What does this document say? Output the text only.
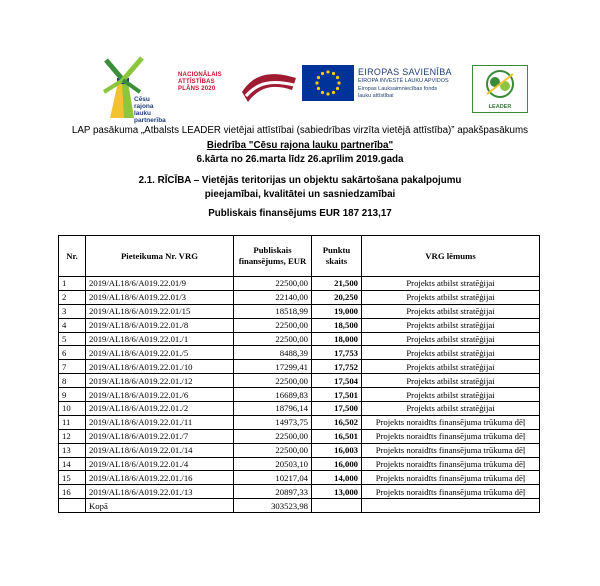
Cēsu
rajona lauku
partnerība
NACIONĀLAIS
ATTĪSTĪBAS
PLĀNS 2020
EIROPAS SAVIENĪBA
EIROPA INVESTĒ LAUKU APVIDOS
Eiropas Lauksaimniecības fonds
lauku attīstībai
LEADER
LAP pasākuma „Atbalsts LEADER vietējai attīstībai (sabiedrības virzīta vietējā attīstība)” apakšpasākums
Biedrība "Cēsu rajona lauku partnerība"
6.kārta no 26.marta līdz 26.aprīlim 2019.gada
2.1. RĪCĪBA – Vietējās teritorijas un objektu sakārtošana pakalpojumu
pieejamībai, kvalitātei un sasniedzamībai
Publiskais finansējums EUR 187 213,17
Nr.	Pieteikuma Nr. VRG	Publiskais finansējums, EUR	Punktu skaits	VRG lēmums
1	2019/AL18/6/A019.22.01/9	22500,00	21,500	Projekts atbilst stratēģijai
2	2019/AL18/6/A019.22.01/3	22140,00	20,250	Projekts atbilst stratēģijai
3	2019/AL18/6/A019.22.01/15	18518,99	19,000	Projekts atbilst stratēģijai
4	2019/AL18/6/A019.22.01./8	22500,00	18,500	Projekts atbilst stratēģijai
5	2019/AL18/6/A019.22.01./1	22500,00	18,000	Projekts atbilst stratēģijai
6	2019/AL18/6/A019.22.01./5	8488,39	17,753	Projekts atbilst stratēģijai
7	2019/AL18/6/A019.22.01./10	17299,41	17,752	Projekts atbilst stratēģijai
8	2019/AL18/6/A019.22.01./12	22500,00	17,504	Projekts atbilst stratēģijai
9	2019/AL18/6/A019.22.01./6	16689,83	17,501	Projekts atbilst stratēģijai
10	2019/AL18/6/A019.22.01./2	18796,14	17,500	Projekts atbilst stratēģijai
11	2019/AL18/6/A019.22.01./11	14973,75	16,502	Projekts noraidīts finansējuma trūkuma dēļ
12	2019/AL18/6/A019.22.01./7	22500,00	16,501	Projekts noraidīts finansējuma trūkuma dēļ
13	2019/AL18/6/A019.22.01./14	22500,00	16,003	Projekts noraidīts finansējuma trūkuma dēļ
14	2019/AL18/6/A019.22.01./4	20503,10	16,000	Projekts noraidīts finansējuma trūkuma dēļ
15	2019/AL18/6/A019.22.01./16	10217,04	14,000	Projekts noraidīts finansējuma trūkuma dēļ
16	2019/AL18/6/A019.22.01./13	20897,33	13,000	Projekts noraidīts finansējuma trūkuma dēļ
	Kopā	303523,98		
